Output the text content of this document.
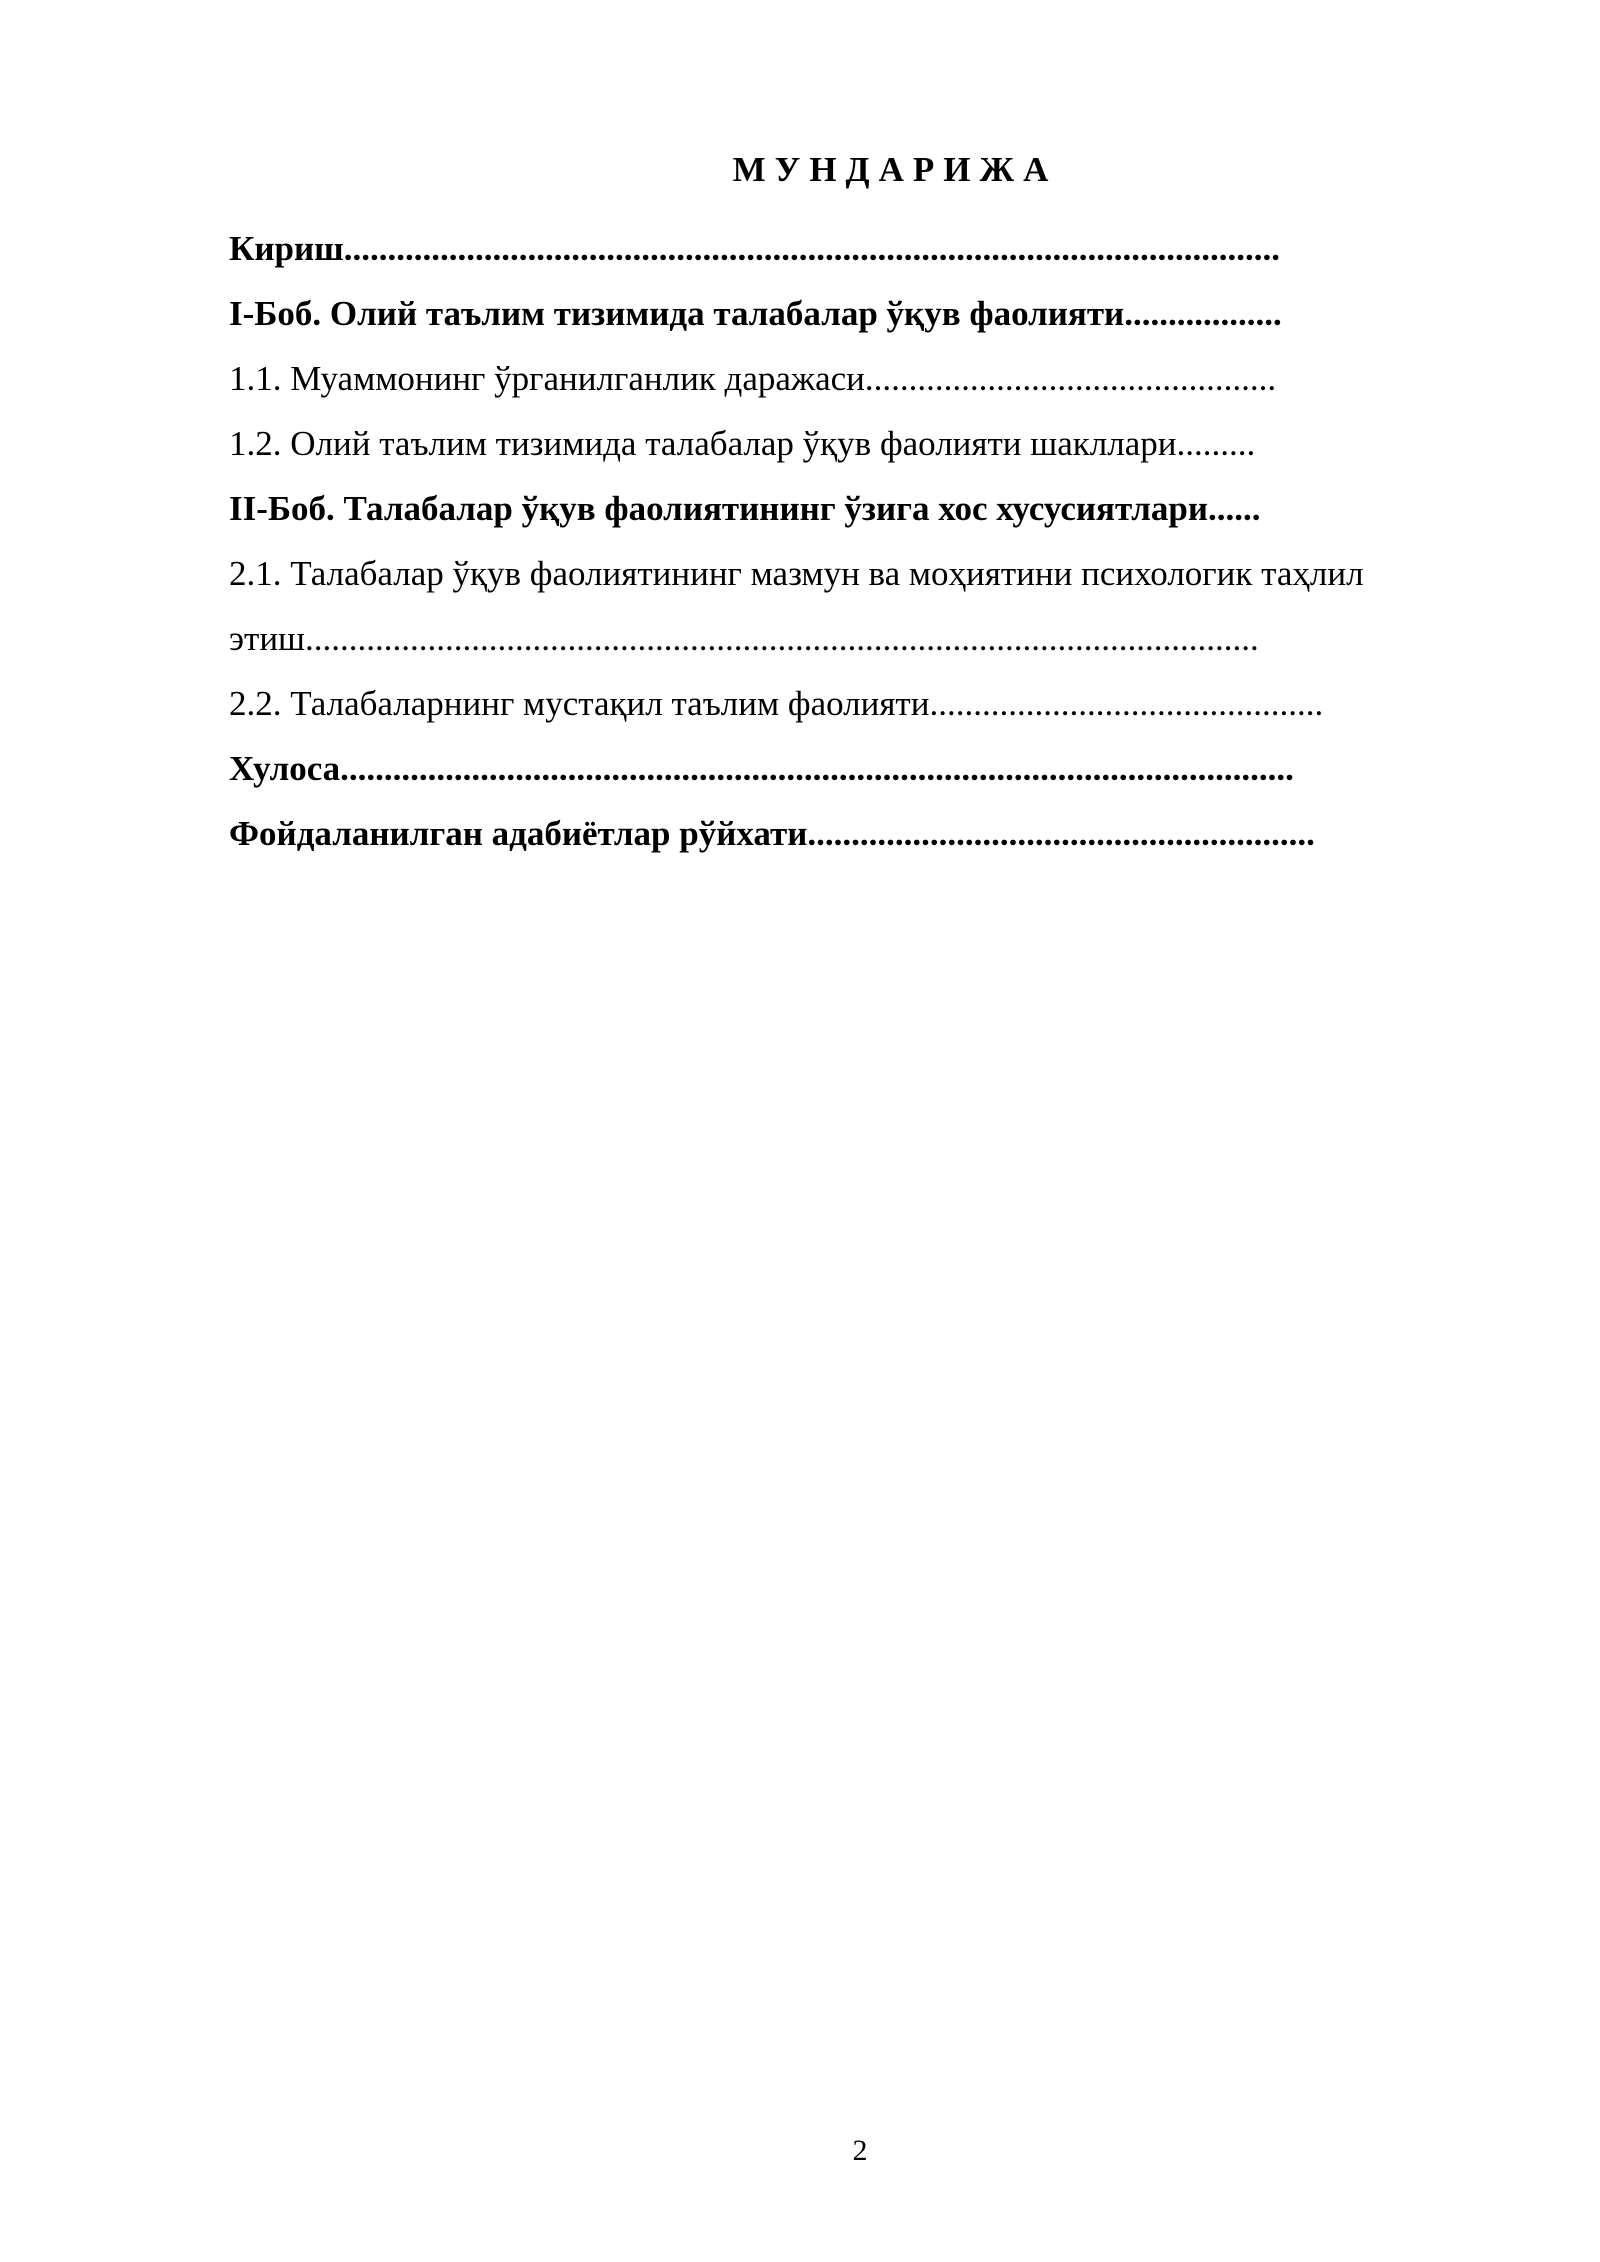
МУНДАРИЖА
Кириш...........................................................................................................
I-Боб. Олий таълим тизимида талабалар ўқув фаолияти..................
1.1. Муаммонинг ўрганилганлик даражаси...............................................
1.2. Олий таълим тизимида талабалар ўқув фаолияти шакллари.........
II-Боб. Талабалар ўқув фаолиятининг ўзига хос хусусиятлари......
2.1. Талабалар ўқув фаолиятининг мазмун ва моҳиятини психологик таҳлил
этиш.............................................................................................................
2.2. Талабаларнинг мустақил таълим фаолияти.............................................
Хулоса.............................................................................................................
Фойдаланилган адабиётлар рўйхати..........................................................
2
